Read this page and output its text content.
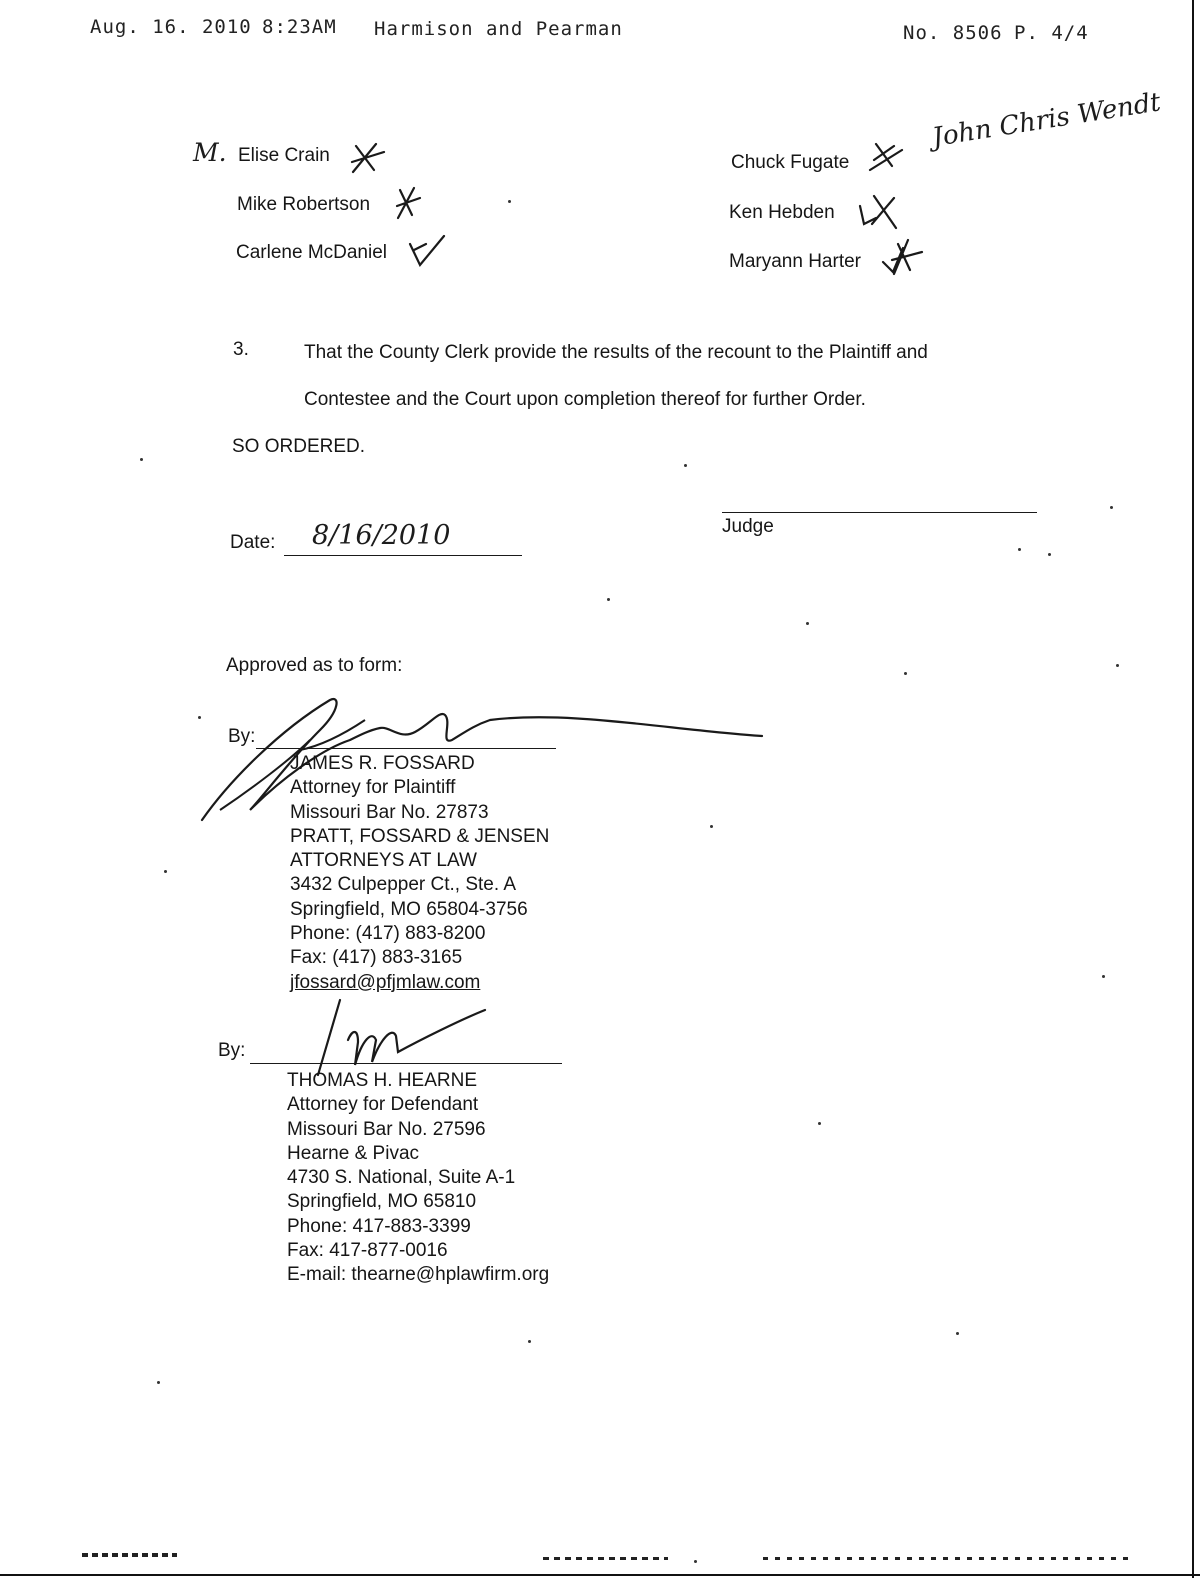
Aug. 16. 2010 8:23AM Harmison and Pearman	No. 8506 P. 4/4
M. Elise Crain
Mike Robertson
Carlene McDaniel
Chuck Fugate
John Chris Wendt
Ken Hebden
Maryann Harter
3.	That the County Clerk provide the results of the recount to the Plaintiff and
Contestee and the Court upon completion thereof for further Order.
SO ORDERED.
Date: 8/16/2010	Judge
Approved as to form:
By:
JAMES R. FOSSARD
Attorney for Plaintiff
Missouri Bar No. 27873
PRATT, FOSSARD & JENSEN
ATTORNEYS AT LAW
3432 Culpepper Ct., Ste. A
Springfield, MO 65804-3756
Phone: (417) 883-8200
Fax: (417) 883-3165
jfossard@pfjmlaw.com
By:
THOMAS H. HEARNE
Attorney for Defendant
Missouri Bar No. 27596
Hearne & Pivac
4730 S. National, Suite A-1
Springfield, MO 65810
Phone: 417-883-3399
Fax: 417-877-0016
E-mail: thearne@hplawfirm.org
